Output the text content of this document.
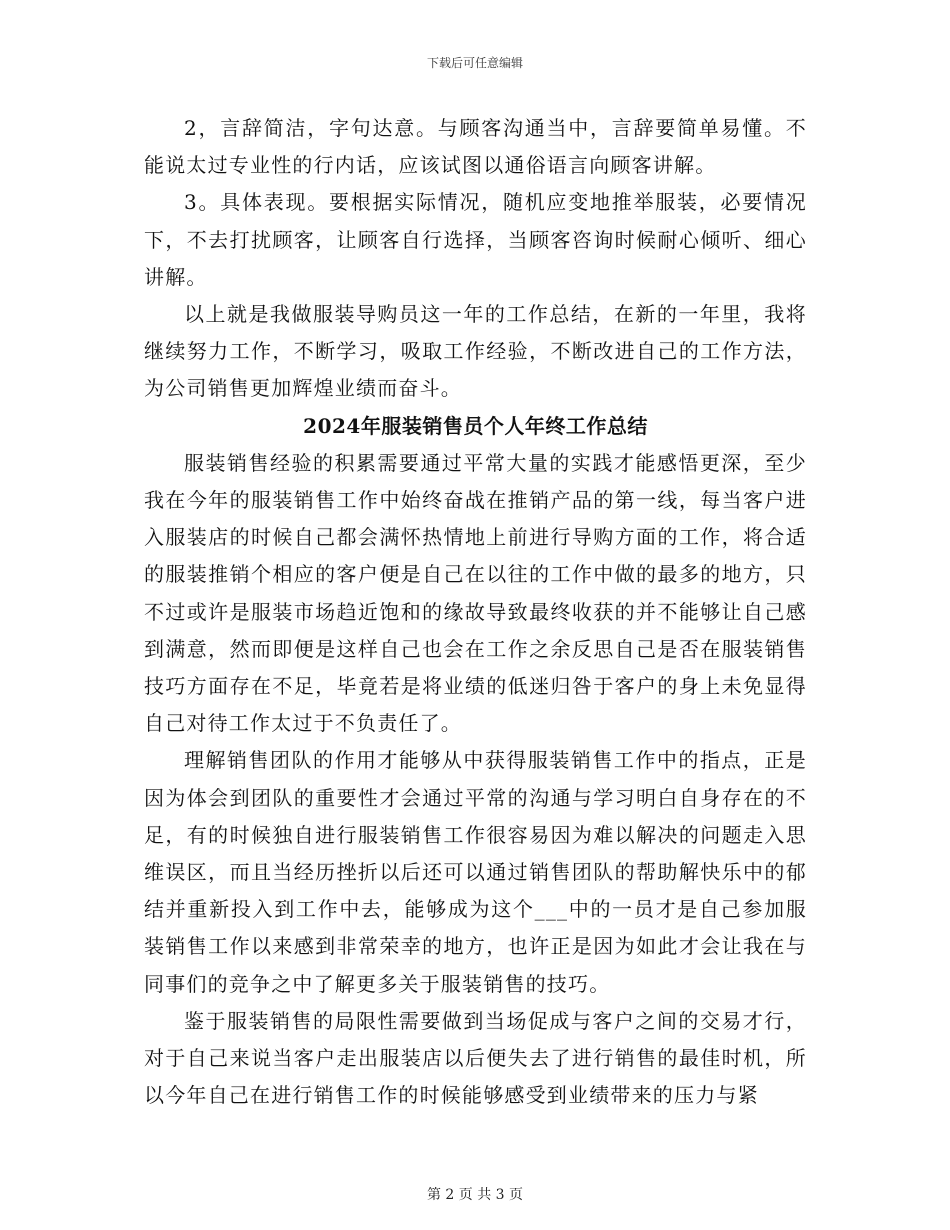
下载后可任意编辑

2，言辞简洁，字句达意。与顾客沟通当中，言辞要简单易懂。不能说太过专业性的行内话，应该试图以通俗语言向顾客讲解。

3。具体表现。要根据实际情况，随机应变地推举服装，必要情况下，不去打扰顾客，让顾客自行选择，当顾客咨询时候耐心倾听、细心讲解。

以上就是我做服装导购员这一年的工作总结，在新的一年里，我将继续努力工作，不断学习，吸取工作经验，不断改进自己的工作方法，为公司销售更加辉煌业绩而奋斗。

2024年服装销售员个人年终工作总结

服装销售经验的积累需要通过平常大量的实践才能感悟更深，至少我在今年的服装销售工作中始终奋战在推销产品的第一线，每当客户进入服装店的时候自己都会满怀热情地上前进行导购方面的工作，将合适的服装推销个相应的客户便是自己在以往的工作中做的最多的地方，只不过或许是服装市场趋近饱和的缘故导致最终收获的并不能够让自己感到满意，然而即便是这样自己也会在工作之余反思自己是否在服装销售技巧方面存在不足，毕竟若是将业绩的低迷归咎于客户的身上未免显得自己对待工作太过于不负责任了。

理解销售团队的作用才能够从中获得服装销售工作中的指点，正是因为体会到团队的重要性才会通过平常的沟通与学习明白自身存在的不足，有的时候独自进行服装销售工作很容易因为难以解决的问题走入思维误区，而且当经历挫折以后还可以通过销售团队的帮助解快乐中的郁结并重新投入到工作中去，能够成为这个___中的一员才是自己参加服装销售工作以来感到非常荣幸的地方，也许正是因为如此才会让我在与同事们的竞争之中了解更多关于服装销售的技巧。

鉴于服装销售的局限性需要做到当场促成与客户之间的交易才行，对于自己来说当客户走出服装店以后便失去了进行销售的最佳时机，所以今年自己在进行销售工作的时候能够感受到业绩带来的压力与紧

第 2 页 共 3 页
